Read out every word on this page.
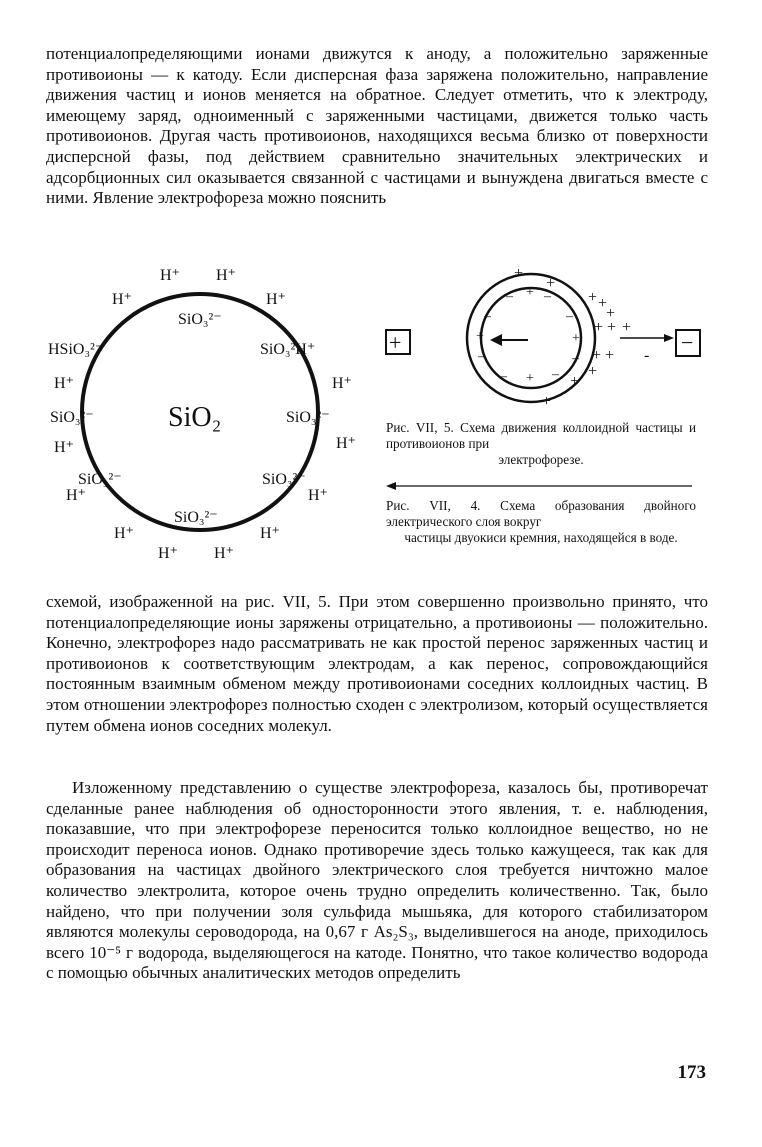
потенциалопределяющими ионами движутся к аноду, а положительно заряженные противоионы — к катоду. Если дисперсная фаза заряжена положительно, направление движения частиц и ионов меняется на обратное. Следует отметить, что к электроду, имеющему заряд, одноименный с заряженными частицами, движется только часть противоионов. Другая часть противоионов, находящихся весьма близко от поверхности дисперсной фазы, под действием сравнительно значительных электрических и адсорбционных сил оказывается связанной с частицами и вынуждена двигаться вместе с ними. Явление электрофореза можно пояснить

SiO₂
SiO₃²⁻
HSiO₃²⁻	SiO₃²H⁺
SiO₃²⁻	SiO₃²⁻
SiO₃²⁻	SiO₃²⁻
SiO₃²⁻
H⁺ H⁺
H⁺	H⁺
H⁺	H⁺
H⁺	H⁺
H⁺	H⁺
H⁺	H⁺
H⁺ H⁺
+	−
+
+
+ +
+ +
+
+ +
+
+
+
+
-
– + –
–	–
+	+
–	–
– + –
Рис. VII, 5. Схема движения коллоидной частицы и противоионов при
электрофорезе.
Рис. VII, 4. Схема образования двойного электрического слоя вокруг
частицы двуокиси кремния, находящейся в воде.

схемой, изображенной на рис. VII, 5. При этом совершенно произвольно принято, что потенциалопределяющие ионы заряжены отрицательно, а противоионы — положительно. Конечно, электрофорез надо рассматривать не как простой перенос заряженных частиц и противоионов к соответствующим электродам, а как перенос, сопровождающийся постоянным взаимным обменом между противоионами соседних коллоидных частиц. В этом отношении электрофорез полностью сходен с электролизом, который осуществляется путем обмена ионов соседних молекул.

Изложенному представлению о существе электрофореза, казалось бы, противоречат сделанные ранее наблюдения об односторонности этого явления, т. е. наблюдения, показавшие, что при электрофорезе переносится только коллоидное вещество, но не происходит переноса ионов. Однако противоречие здесь только кажущееся, так как для образования на частицах двойного электрического слоя требуется ничтожно малое количество электролита, которое очень трудно определить количественно. Так, было найдено, что при получении золя сульфида мышьяка, для которого стабилизатором являются молекулы сероводорода, на 0,67 г As₂S₃, выделившегося на аноде, приходилось всего 10⁻⁵ г водорода, выделяющегося на катоде. Понятно, что такое количество водорода с помощью обычных аналитических методов определить

173
